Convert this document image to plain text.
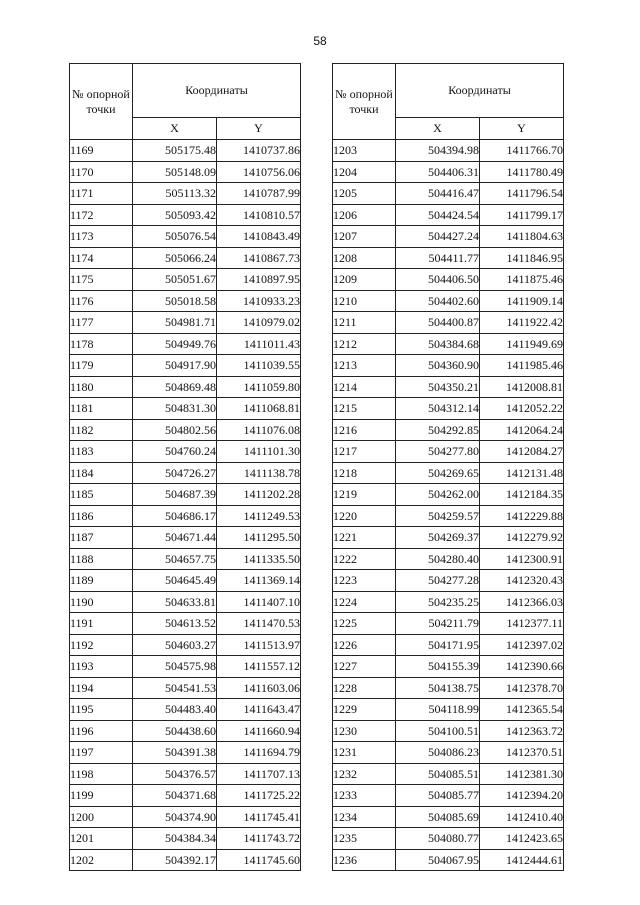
58
№ опорной точки	Координаты	
	X	Y
1169	505175.48	1410737.86
1170	505148.09	1410756.06
1171	505113.32	1410787.99
1172	505093.42	1410810.57
1173	505076.54	1410843.49
1174	505066.24	1410867.73
1175	505051.67	1410897.95
1176	505018.58	1410933.23
1177	504981.71	1410979.02
1178	504949.76	1411011.43
1179	504917.90	1411039.55
1180	504869.48	1411059.80
1181	504831.30	1411068.81
1182	504802.56	1411076.08
1183	504760.24	1411101.30
1184	504726.27	1411138.78
1185	504687.39	1411202.28
1186	504686.17	1411249.53
1187	504671.44	1411295.50
1188	504657.75	1411335.50
1189	504645.49	1411369.14
1190	504633.81	1411407.10
1191	504613.52	1411470.53
1192	504603.27	1411513.97
1193	504575.98	1411557.12
1194	504541.53	1411603.06
1195	504483.40	1411643.47
1196	504438.60	1411660.94
1197	504391.38	1411694.79
1198	504376.57	1411707.13
1199	504371.68	1411725.22
1200	504374.90	1411745.41
1201	504384.34	1411743.72
1202	504392.17	1411745.60
№ опорной точки	Координаты	
	X	Y
1203	504394.98	1411766.70
1204	504406.31	1411780.49
1205	504416.47	1411796.54
1206	504424.54	1411799.17
1207	504427.24	1411804.63
1208	504411.77	1411846.95
1209	504406.50	1411875.46
1210	504402.60	1411909.14
1211	504400.87	1411922.42
1212	504384.68	1411949.69
1213	504360.90	1411985.46
1214	504350.21	1412008.81
1215	504312.14	1412052.22
1216	504292.85	1412064.24
1217	504277.80	1412084.27
1218	504269.65	1412131.48
1219	504262.00	1412184.35
1220	504259.57	1412229.88
1221	504269.37	1412279.92
1222	504280.40	1412300.91
1223	504277.28	1412320.43
1224	504235.25	1412366.03
1225	504211.79	1412377.11
1226	504171.95	1412397.02
1227	504155.39	1412390.66
1228	504138.75	1412378.70
1229	504118.99	1412365.54
1230	504100.51	1412363.72
1231	504086.23	1412370.51
1232	504085.51	1412381.30
1233	504085.77	1412394.20
1234	504085.69	1412410.40
1235	504080.77	1412423.65
1236	504067.95	1412444.61
